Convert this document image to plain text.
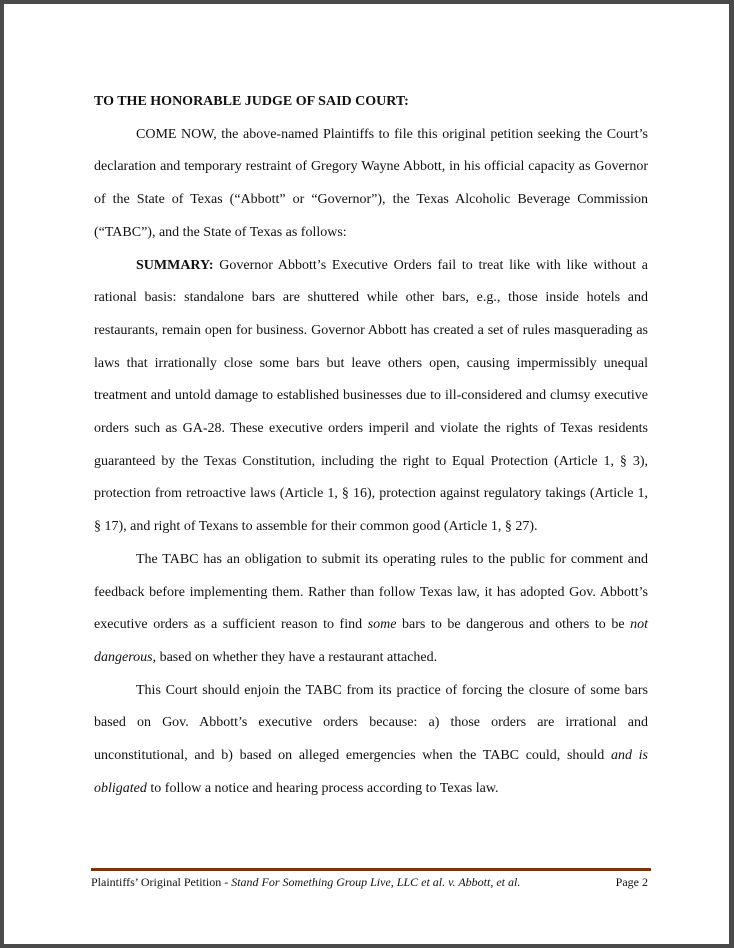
TO THE HONORABLE JUDGE OF SAID COURT:

COME NOW, the above-named Plaintiffs to file this original petition seeking the Court’s declaration and temporary restraint of Gregory Wayne Abbott, in his official capacity as Governor of the State of Texas (“Abbott” or “Governor”), the Texas Alcoholic Beverage Commission (“TABC”), and the State of Texas as follows:

SUMMARY: Governor Abbott’s Executive Orders fail to treat like with like without a rational basis: standalone bars are shuttered while other bars, e.g., those inside hotels and restaurants, remain open for business. Governor Abbott has created a set of rules masquerading as laws that irrationally close some bars but leave others open, causing impermissibly unequal treatment and untold damage to established businesses due to ill-considered and clumsy executive orders such as GA-28. These executive orders imperil and violate the rights of Texas residents guaranteed by the Texas Constitution, including the right to Equal Protection (Article 1, § 3), protection from retroactive laws (Article 1, § 16), protection against regulatory takings (Article 1, § 17), and right of Texans to assemble for their common good (Article 1, § 27).

The TABC has an obligation to submit its operating rules to the public for comment and feedback before implementing them. Rather than follow Texas law, it has adopted Gov. Abbott’s executive orders as a sufficient reason to find some bars to be dangerous and others to be not dangerous, based on whether they have a restaurant attached.

This Court should enjoin the TABC from its practice of forcing the closure of some bars based on Gov. Abbott’s executive orders because: a) those orders are irrational and unconstitutional, and b) based on alleged emergencies when the TABC could, should and is obligated to follow a notice and hearing process according to Texas law.

Plaintiffs’ Original Petition - Stand For Something Group Live, LLC et al. v. Abbott, et al.	Page 2
